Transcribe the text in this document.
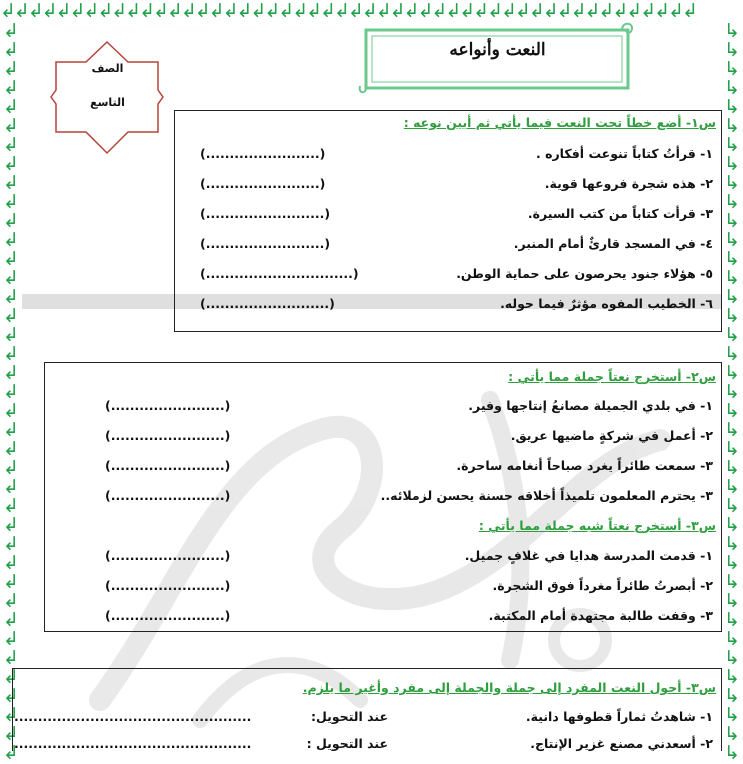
↲↲↲↲↲↲↲↲↲↲↲↲↲↲↲↲↲↲↲↲↲↲↲↲↲↲↲↲↲↲↲↲↲↲↲↲↲↲↲↲↲↲↲↲↲↲↲↲↲↲
↲
↲
↲
↲
↲
↲
↲
↲
↲
↲
↲
↲
↲
↲
↲
↲
↲
↲
↲
↲
↲
↲
↲
↲
↲
↲
↲
↲
↲
↲
↲
↲
↲
↲
↲
↲
↲
↲
↲
↳
↳
↳
↳
↳
↳
↳
↳
↳
↳
↳
↳
↳
↳
↳
↳
↳
↳
↳
↳
↳
↳
↳
↳
↳
↳
↳
↳
↳
↳
↳
↳
↳
↳
↳
↳
↳
↳
↳
الصف
التاسع
النعت وأنواعه
س١- أضع خطاً تحت النعت فيما يأتي ثم أبين نوعه :
١- قرأتُ كتاباً تنوعت أفكاره .
(........................)
٢- هذه شجرة فروعها قوية.
(........................)
٣- قرأت كتاباً من كتب السيرة.
(.........................)
٤- في المسجد قارئٌ أمام المنبر.
(.........................)
٥- هؤلاء جنود يحرصون على حماية الوطن.
(...............................)
٦- الخطيب المفوه مؤثرٌ فيما حوله.
(..........................)
س٢- أستخرج نعتاً جملة مما يأتي :
١- في بلدي الجميلة مصانعُ إنتاجها وفير.
(........................)
٢- أعمل في شركةٍ ماضيها عريق.
(........................)
٣- سمعت طائراً يغرد صباحاً أنغامه ساحرة.
(........................)
٣- يحترم المعلمون تلميذاً أخلاقه حسنة يحسن لزملائه..
(........................)
س٣- أستخرج نعتاً شبه جملة مما يأتي :
١- قدمت المدرسة هدايا في غلافٍ جميل.
(........................)
٢- أبصرتُ طائراً مغرداً فوق الشجرة.
(........................)
٣- وقفت طالبة مجتهدة أمام المكتبة.
(........................)
س٣- أحول النعت المفرد إلى جملة والجملة إلى مفرد وأغير ما يلزم.
١- شاهدتُ ثماراً قطوفها دانية.
عند التحويل:
..................................................
٢- أسعدني مصنع غزير الإنتاج.
عند التحويل :
..................................................
